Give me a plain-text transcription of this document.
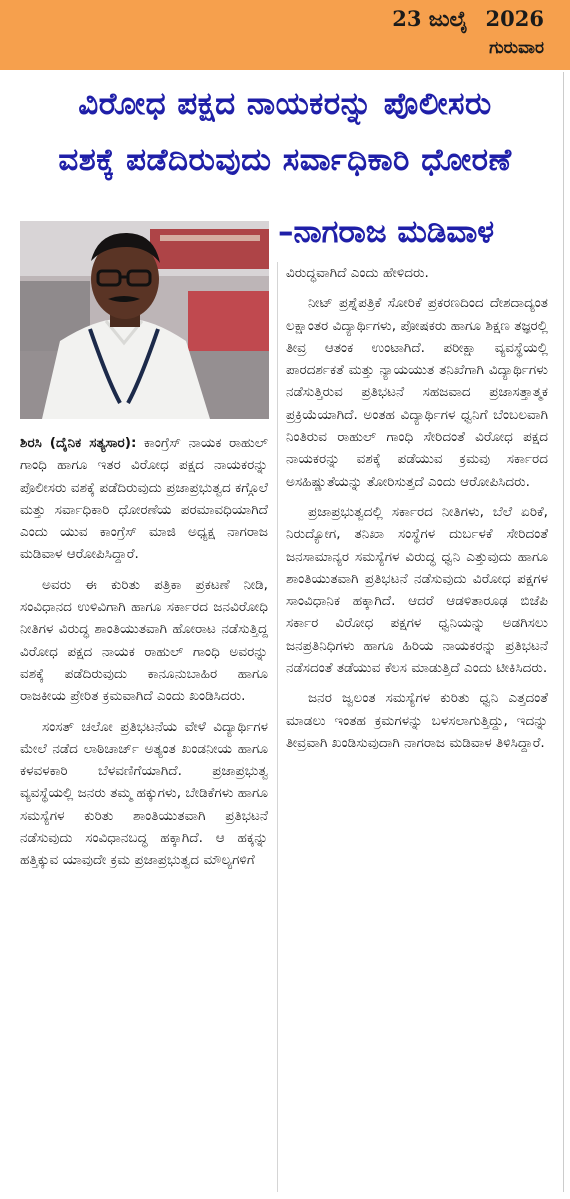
23 ಜುಲೈ 2026
ಗುರುವಾರ
ವಿರೋಧ ಪಕ್ಷದ ನಾಯಕರನ್ನು ಪೊಲೀಸರು
ವಶಕ್ಕೆ ಪಡೆದಿರುವುದು ಸರ್ವಾಧಿಕಾರಿ ಧೋರಣೆ
–ನಾಗರಾಜ ಮಡಿವಾಳ

ಶಿರಸಿ (ದೈನಿಕ ಸತ್ಯಸಾರ): ಕಾಂಗ್ರೆಸ್ ನಾಯಕ ರಾಹುಲ್ ಗಾಂಧಿ ಹಾಗೂ ಇತರ ವಿರೋಧ ಪಕ್ಷದ ನಾಯಕರನ್ನು ಪೊಲೀಸರು ವಶಕ್ಕೆ ಪಡೆದಿರುವುದು ಪ್ರಜಾಪ್ರಭುತ್ವದ ಕಗ್ಗೊಲೆ ಮತ್ತು ಸರ್ವಾಧಿಕಾರಿ ಧೋರಣೆಯ ಪರಮಾವಧಿಯಾಗಿದೆ ಎಂದು ಯುವ ಕಾಂಗ್ರೆಸ್ ಮಾಜಿ ಅಧ್ಯಕ್ಷ ನಾಗರಾಜ ಮಡಿವಾಳ ಆರೋಪಿಸಿದ್ದಾರೆ.

ಅವರು ಈ ಕುರಿತು ಪತ್ರಿಕಾ ಪ್ರಕಟಣೆ ನೀಡಿ, ಸಂವಿಧಾನದ ಉಳಿವಿಗಾಗಿ ಹಾಗೂ ಸರ್ಕಾರದ ಜನವಿರೋಧಿ ನೀತಿಗಳ ವಿರುದ್ಧ ಶಾಂತಿಯುತವಾಗಿ ಹೋರಾಟ ನಡೆಸುತ್ತಿದ್ದ ವಿರೋಧ ಪಕ್ಷದ ನಾಯಕ ರಾಹುಲ್ ಗಾಂಧಿ ಅವರನ್ನು ವಶಕ್ಕೆ ಪಡೆದಿರುವುದು ಕಾನೂನುಬಾಹಿರ ಹಾಗೂ ರಾಜಕೀಯ ಪ್ರೇರಿತ ಕ್ರಮವಾಗಿದೆ ಎಂದು ಖಂಡಿಸಿದರು.

ಸಂಸತ್ ಚಲೋ ಪ್ರತಿಭಟನೆಯ ವೇಳೆ ವಿದ್ಯಾರ್ಥಿಗಳ ಮೇಲೆ ನಡೆದ ಲಾಠಿಚಾರ್ಜ್ ಅತ್ಯಂತ ಖಂಡನೀಯ ಹಾಗೂ ಕಳವಳಕಾರಿ ಬೆಳವಣಿಗೆಯಾಗಿದೆ. ಪ್ರಜಾಪ್ರಭುತ್ವ ವ್ಯವಸ್ಥೆಯಲ್ಲಿ ಜನರು ತಮ್ಮ ಹಕ್ಕುಗಳು, ಬೇಡಿಕೆಗಳು ಹಾಗೂ ಸಮಸ್ಯೆಗಳ ಕುರಿತು ಶಾಂತಿಯುತವಾಗಿ ಪ್ರತಿಭಟನೆ ನಡೆಸುವುದು ಸಂವಿಧಾನಬದ್ಧ ಹಕ್ಕಾಗಿದೆ. ಆ ಹಕ್ಕನ್ನು ಹತ್ತಿಕ್ಕುವ ಯಾವುದೇ ಕ್ರಮ ಪ್ರಜಾಪ್ರಭುತ್ವದ ಮೌಲ್ಯಗಳಿಗೆ

ವಿರುದ್ಧವಾಗಿದೆ ಎಂದು ಹೇಳಿದರು.

ನೀಟ್ ಪ್ರಶ್ನೆಪತ್ರಿಕೆ ಸೋರಿಕೆ ಪ್ರಕರಣದಿಂದ ದೇಶದಾದ್ಯಂತ ಲಕ್ಷಾಂತರ ವಿದ್ಯಾರ್ಥಿಗಳು, ಪೋಷಕರು ಹಾಗೂ ಶಿಕ್ಷಣ ತಜ್ಞರಲ್ಲಿ ತೀವ್ರ ಆತಂಕ ಉಂಟಾಗಿದೆ. ಪರೀಕ್ಷಾ ವ್ಯವಸ್ಥೆಯಲ್ಲಿ ಪಾರದರ್ಶಕತೆ ಮತ್ತು ನ್ಯಾಯಯುತ ತನಿಖೆಗಾಗಿ ವಿದ್ಯಾರ್ಥಿಗಳು ನಡೆಸುತ್ತಿರುವ ಪ್ರತಿಭಟನೆ ಸಹಜವಾದ ಪ್ರಜಾಸತ್ತಾತ್ಮಕ ಪ್ರಕ್ರಿಯೆಯಾಗಿದೆ. ಅಂತಹ ವಿದ್ಯಾರ್ಥಿಗಳ ಧ್ವನಿಗೆ ಬೆಂಬಲವಾಗಿ ನಿಂತಿರುವ ರಾಹುಲ್ ಗಾಂಧಿ ಸೇರಿದಂತೆ ವಿರೋಧ ಪಕ್ಷದ ನಾಯಕರನ್ನು ವಶಕ್ಕೆ ಪಡೆಯುವ ಕ್ರಮವು ಸರ್ಕಾರದ ಅಸಹಿಷ್ಣುತೆಯನ್ನು ತೋರಿಸುತ್ತದೆ ಎಂದು ಆರೋಪಿಸಿದರು.

ಪ್ರಜಾಪ್ರಭುತ್ವದಲ್ಲಿ ಸರ್ಕಾರದ ನೀತಿಗಳು, ಬೆಲೆ ಏರಿಕೆ, ನಿರುದ್ಯೋಗ, ತನಿಖಾ ಸಂಸ್ಥೆಗಳ ದುರ್ಬಳಕೆ ಸೇರಿದಂತೆ ಜನಸಾಮಾನ್ಯರ ಸಮಸ್ಯೆಗಳ ವಿರುದ್ಧ ಧ್ವನಿ ಎತ್ತುವುದು ಹಾಗೂ ಶಾಂತಿಯುತವಾಗಿ ಪ್ರತಿಭಟನೆ ನಡೆಸುವುದು ವಿರೋಧ ಪಕ್ಷಗಳ ಸಾಂವಿಧಾನಿಕ ಹಕ್ಕಾಗಿದೆ. ಆದರೆ ಆಡಳಿತಾರೂಢ ಬಿಜೆಪಿ ಸರ್ಕಾರ ವಿರೋಧ ಪಕ್ಷಗಳ ಧ್ವನಿಯನ್ನು ಅಡಗಿಸಲು ಜನಪ್ರತಿನಿಧಿಗಳು ಹಾಗೂ ಹಿರಿಯ ನಾಯಕರನ್ನು ಪ್ರತಿಭಟನೆ ನಡೆಸದಂತೆ ತಡೆಯುವ ಕೆಲಸ ಮಾಡುತ್ತಿದೆ ಎಂದು ಟೀಕಿಸಿದರು.

ಜನರ ಜ್ವಲಂತ ಸಮಸ್ಯೆಗಳ ಕುರಿತು ಧ್ವನಿ ಎತ್ತದಂತೆ ಮಾಡಲು ಇಂತಹ ಕ್ರಮಗಳನ್ನು ಬಳಸಲಾಗುತ್ತಿದ್ದು, ಇದನ್ನು ತೀವ್ರವಾಗಿ ಖಂಡಿಸುವುದಾಗಿ ನಾಗರಾಜ ಮಡಿವಾಳ ತಿಳಿಸಿದ್ದಾರೆ.
